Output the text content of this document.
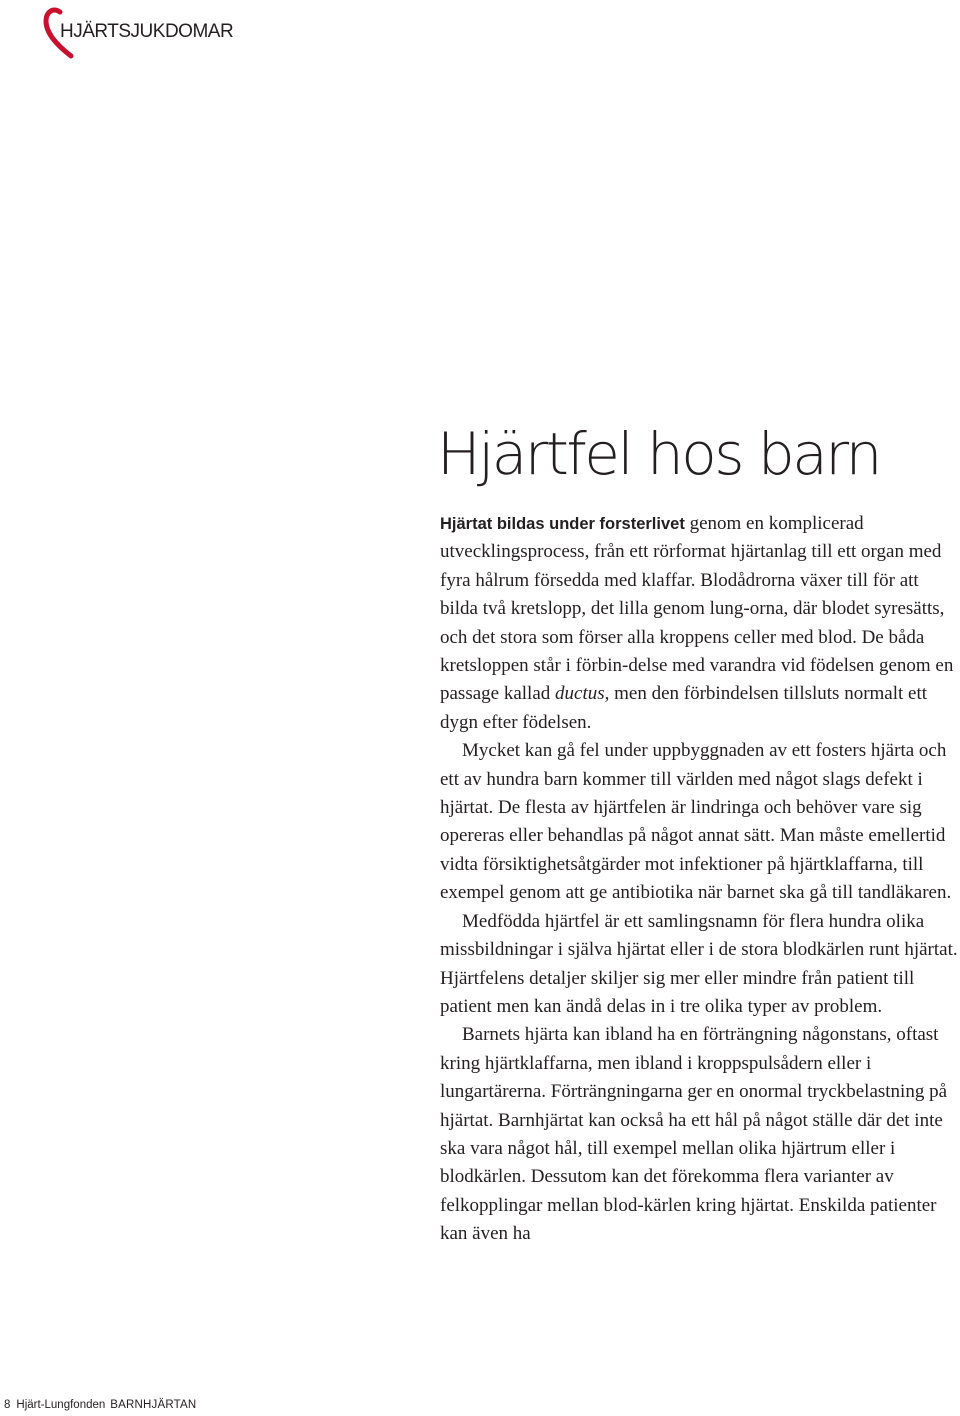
HJÄRTSJUKDOMAR
Hjärtfel hos barn

Hjärtat bildas under forsterlivet genom en komplicerad utvecklingsprocess, från ett rörformat hjärtanlag till ett organ med fyra hålrum försedda med klaffar. Blodådrorna växer till för att bilda två kretslopp, det lilla genom lung-orna, där blodet syresätts, och det stora som förser alla kroppens celler med blod. De båda kretsloppen står i förbin-delse med varandra vid födelsen genom en passage kallad ductus, men den förbindelsen tillsluts normalt ett dygn efter födelsen.

Mycket kan gå fel under uppbyggnaden av ett fosters hjärta och ett av hundra barn kommer till världen med något slags defekt i hjärtat. De flesta av hjärtfelen är lindringa och behöver vare sig opereras eller behandlas på något annat sätt. Man måste emellertid vidta försiktighetsåtgärder mot infektioner på hjärtklaffarna, till exempel genom att ge antibiotika när barnet ska gå till tandläkaren.

Medfödda hjärtfel är ett samlingsnamn för flera hundra olika missbildningar i själva hjärtat eller i de stora blodkärlen runt hjärtat. Hjärtfelens detaljer skiljer sig mer eller mindre från patient till patient men kan ändå delas in i tre olika typer av problem.

Barnets hjärta kan ibland ha en förträngning någonstans, oftast kring hjärtklaffarna, men ibland i kroppspulsådern eller i lungartärerna. Förträngningarna ger en onormal tryckbelastning på hjärtat. Barnhjärtat kan också ha ett hål på något ställe där det inte ska vara något hål, till exempel mellan olika hjärtrum eller i blodkärlen. Dessutom kan det förekomma flera varianter av felkopplingar mellan blod-kärlen kring hjärtat. Enskilda patienter kan även ha

8 Hjärt-Lungfonden BARNHJÄRTAN
